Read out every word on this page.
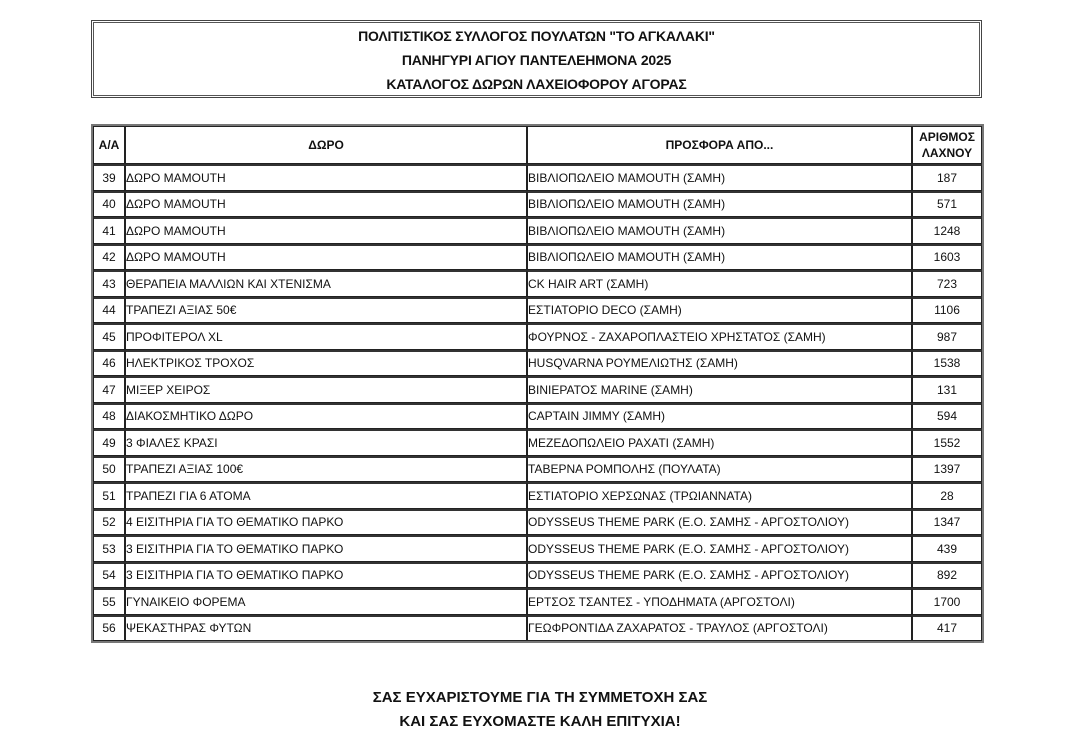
ΠΟΛΙΤΙΣΤΙΚΟΣ ΣΥΛΛΟΓΟΣ ΠΟΥΛΑΤΩΝ "ΤΟ ΑΓΚΑΛΑΚΙ"
ΠΑΝΗΓΥΡΙ ΑΓΙΟΥ ΠΑΝΤΕΛΕΗΜΟΝΑ 2025
ΚΑΤΑΛΟΓΟΣ ΔΩΡΩΝ ΛΑΧΕΙΟΦΟΡΟΥ ΑΓΟΡΑΣ
Α/Α	ΔΩΡΟ	ΠΡΟΣΦΟΡΑ ΑΠΟ...	ΑΡΙΘΜΟΣ
ΛΑΧΝΟΥ

39	ΔΩΡΟ ΜΑΜΟUTH	ΒΙΒΛΙΟΠΩΛΕΙΟ ΜΑΜΟUTH (ΣΑΜΗ)	187
40	ΔΩΡΟ ΜΑΜΟUTH	ΒΙΒΛΙΟΠΩΛΕΙΟ ΜΑΜΟUTH (ΣΑΜΗ)	571
41	ΔΩΡΟ ΜΑΜΟUTH	ΒΙΒΛΙΟΠΩΛΕΙΟ ΜΑΜΟUTH (ΣΑΜΗ)	1248
42	ΔΩΡΟ ΜΑΜΟUTH	ΒΙΒΛΙΟΠΩΛΕΙΟ ΜΑΜΟUTH (ΣΑΜΗ)	1603
43	ΘΕΡΑΠΕΙΑ ΜΑΛΛΙΩΝ ΚΑΙ ΧΤΕΝΙΣΜΑ	CK HAIR ART (ΣΑΜΗ)	723
44	ΤΡΑΠΕΖΙ ΑΞΙΑΣ 50€	ΕΣΤΙΑΤΟΡΙΟ DECO (ΣΑΜΗ)	1106
45	ΠΡΟΦΙΤΕΡΟΛ XL	ΦΟΥΡΝΟΣ - ΖΑΧΑΡΟΠΛΑΣΤΕΙΟ ΧΡΗΣΤΑΤΟΣ (ΣΑΜΗ)	987
46	ΗΛΕΚΤΡΙΚΟΣ ΤΡΟΧΟΣ	HUSQVARNA ΡΟΥΜΕΛΙΩΤΗΣ (ΣΑΜΗ)	1538
47	ΜΙΞΕΡ ΧΕΙΡΟΣ	ΒΙΝΙΕΡΑΤΟΣ MARINE (ΣΑΜΗ)	131
48	ΔΙΑΚΟΣΜΗΤΙΚΟ ΔΩΡΟ	CAPTAIN JIMMY (ΣΑΜΗ)	594
49	3 ΦΙΑΛΕΣ ΚΡΑΣΙ	ΜΕΖΕΔΟΠΩΛΕΙΟ ΡΑΧΑΤΙ (ΣΑΜΗ)	1552
50	ΤΡΑΠΕΖΙ ΑΞΙΑΣ 100€	ΤΑΒΕΡΝΑ ΡΟΜΠΟΛΗΣ (ΠΟΥΛΑΤΑ)	1397
51	ΤΡΑΠΕΖΙ ΓΙΑ 6 ΑΤΟΜΑ	ΕΣΤΙΑΤΟΡΙΟ ΧΕΡΣΩΝΑΣ (ΤΡΩΙΑΝΝΑΤΑ)	28
52	4 ΕΙΣΙΤΗΡΙΑ ΓΙΑ ΤΟ ΘΕΜΑΤΙΚΟ ΠΑΡΚΟ	ODYSSEUS THEME PARK (Ε.Ο. ΣΑΜΗΣ - ΑΡΓΟΣΤΟΛΙΟΥ)	1347
53	3 ΕΙΣΙΤΗΡΙΑ ΓΙΑ ΤΟ ΘΕΜΑΤΙΚΟ ΠΑΡΚΟ	ODYSSEUS THEME PARK (Ε.Ο. ΣΑΜΗΣ - ΑΡΓΟΣΤΟΛΙΟΥ)	439
54	3 ΕΙΣΙΤΗΡΙΑ ΓΙΑ ΤΟ ΘΕΜΑΤΙΚΟ ΠΑΡΚΟ	ODYSSEUS THEME PARK (Ε.Ο. ΣΑΜΗΣ - ΑΡΓΟΣΤΟΛΙΟΥ)	892
55	ΓΥΝΑΙΚΕΙΟ ΦΟΡΕΜΑ	ΕΡΤΣΟΣ ΤΣΑΝΤΕΣ - ΥΠΟΔΗΜΑΤΑ (ΑΡΓΟΣΤΟΛΙ)	1700
56	ΨΕΚΑΣΤΗΡΑΣ ΦΥΤΩΝ	ΓΕΩΦΡΟΝΤΙΔΑ ΖΑΧΑΡΑΤΟΣ - ΤΡΑΥΛΟΣ (ΑΡΓΟΣΤΟΛΙ)	417
ΣΑΣ ΕΥΧΑΡΙΣΤΟΥΜΕ ΓΙΑ ΤΗ ΣΥΜΜΕΤΟΧΗ ΣΑΣ
ΚΑΙ ΣΑΣ ΕΥΧΟΜΑΣΤΕ ΚΑΛΗ ΕΠΙΤΥΧΙΑ!
